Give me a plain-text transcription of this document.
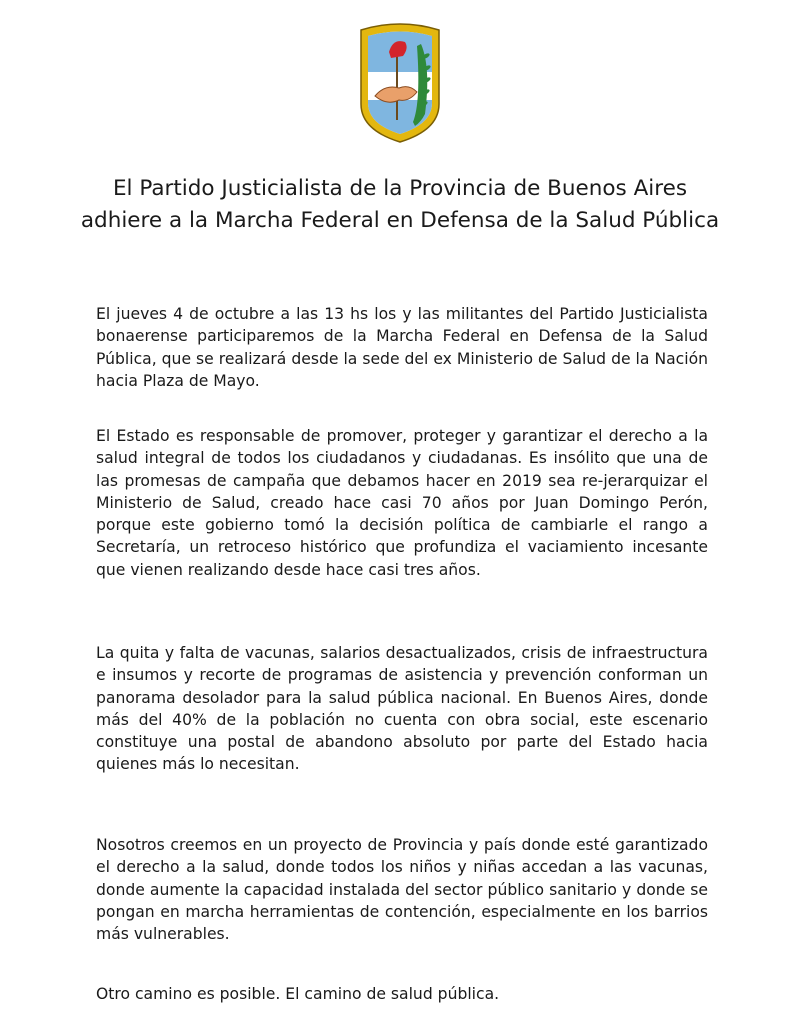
El Partido Justicialista de la Provincia de Buenos Aires adhiere a la Marcha Federal en Defensa de la Salud Pública

El jueves 4 de octubre a las 13 hs los y las militantes del Partido Justicialista bonaerense participaremos de la Marcha Federal en Defensa de la Salud Pública, que se realizará desde la sede del ex Ministerio de Salud de la Nación hacia Plaza de Mayo.

El Estado es responsable de promover, proteger y garantizar el derecho a la salud integral de todos los ciudadanos y ciudadanas. Es insólito que una de las promesas de campaña que debamos hacer en 2019 sea re-jerarquizar el Ministerio de Salud, creado hace casi 70 años por Juan Domingo Perón, porque este gobierno tomó la decisión política de cambiarle el rango a Secretaría, un retroceso histórico que profundiza el vaciamiento incesante que vienen realizando desde hace casi tres años.

La quita y falta de vacunas, salarios desactualizados, crisis de infraestructura e insumos y recorte de programas de asistencia y prevención conforman un panorama desolador para la salud pública nacional. En Buenos Aires, donde más del 40% de la población no cuenta con obra social, este escenario constituye una postal de abandono absoluto por parte del Estado hacia quienes más lo necesitan.

Nosotros creemos en un proyecto de Provincia y país donde esté garantizado el derecho a la salud, donde todos los niños y niñas accedan a las vacunas, donde aumente la capacidad instalada del sector público sanitario y donde se pongan en marcha herramientas de contención, especialmente en los barrios más vulnerables.

Otro camino es posible. El camino de salud pública.
